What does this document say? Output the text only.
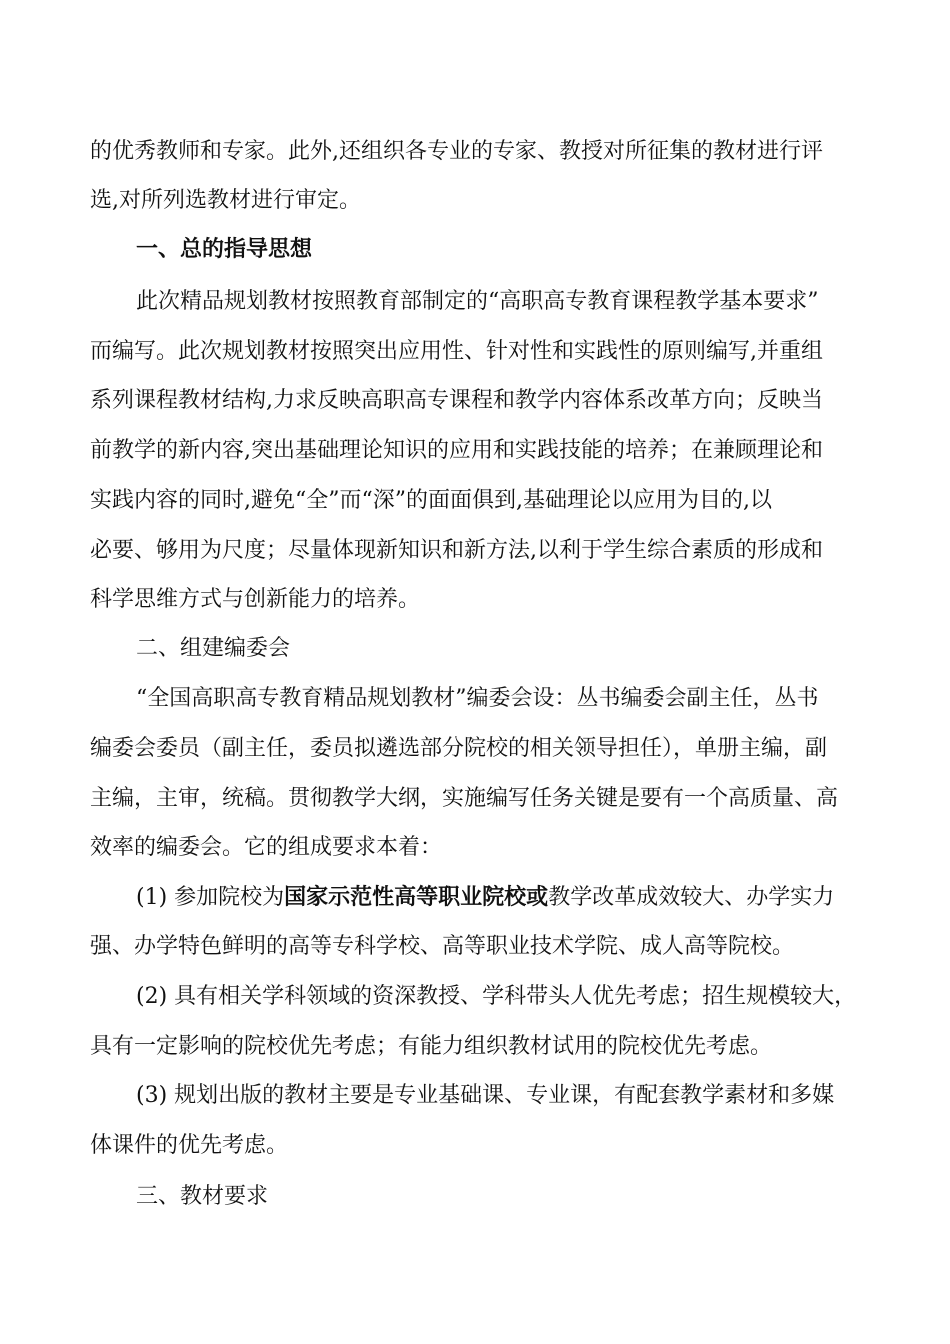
的优秀教师和专家。此外,还组织各专业的专家、教授对所征集的教材进行评
选,对所列选教材进行审定。
一、总的指导思想
此次精品规划教材按照教育部制定的“高职高专教育课程教学基本要求”
而编写。此次规划教材按照突出应用性、针对性和实践性的原则编写,并重组
系列课程教材结构,力求反映高职高专课程和教学内容体系改革方向；反映当
前教学的新内容,突出基础理论知识的应用和实践技能的培养；在兼顾理论和
实践内容的同时,避免“全”而“深”的面面俱到,基础理论以应用为目的,以
必要、够用为尺度；尽量体现新知识和新方法,以利于学生综合素质的形成和
科学思维方式与创新能力的培养。
二、组建编委会
“全国高职高专教育精品规划教材”编委会设：丛书编委会副主任，丛书
编委会委员（副主任，委员拟遴选部分院校的相关领导担任），单册主编，副
主编，主审，统稿。贯彻教学大纲，实施编写任务关键是要有一个高质量、高
效率的编委会。它的组成要求本着：
(1) 参加院校为国家示范性高等职业院校或教学改革成效较大、办学实力
强、办学特色鲜明的高等专科学校、高等职业技术学院、成人高等院校。
(2) 具有相关学科领域的资深教授、学科带头人优先考虑；招生规模较大，
具有一定影响的院校优先考虑；有能力组织教材试用的院校优先考虑。
(3) 规划出版的教材主要是专业基础课、专业课，有配套教学素材和多媒
体课件的优先考虑。
三、教材要求
